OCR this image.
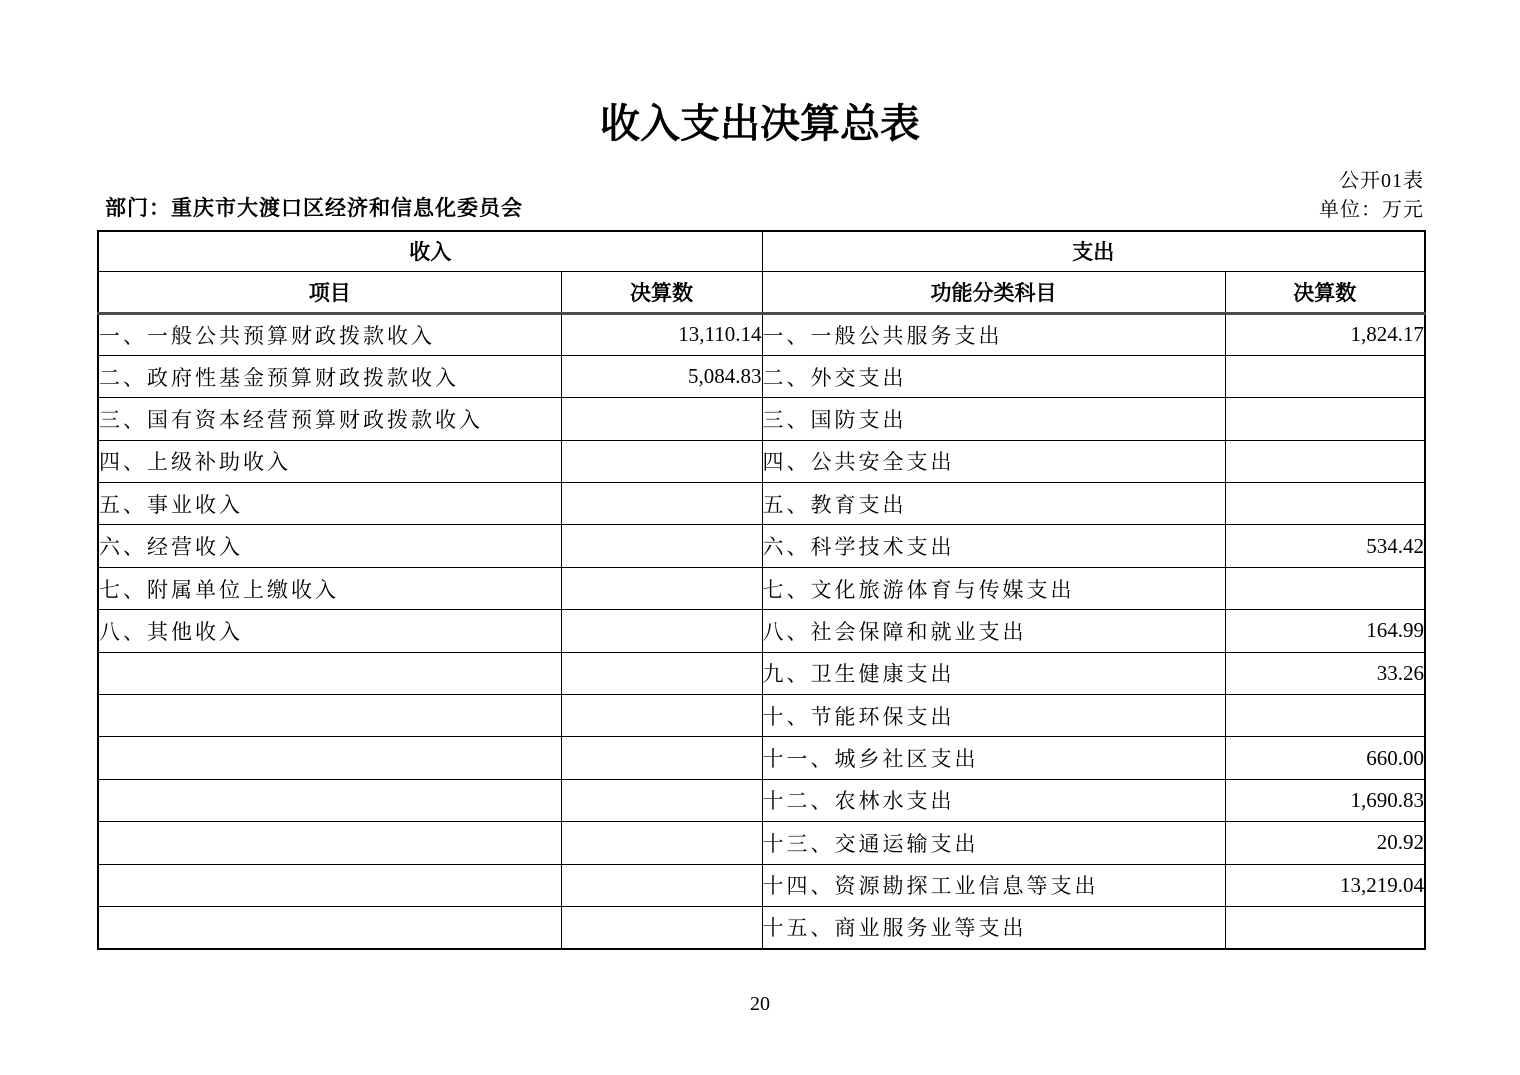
收入支出决算总表
公开01表
部门：重庆市大渡口区经济和信息化委员会	单位：万元
收入		支出	
项目	决算数	功能分类科目	决算数
一、一般公共预算财政拨款收入	13,110.14	一、一般公共服务支出	1,824.17
二、政府性基金预算财政拨款收入	5,084.83	二、外交支出	
三、国有资本经营预算财政拨款收入		三、国防支出	
四、上级补助收入		四、公共安全支出	
五、事业收入		五、教育支出	
六、经营收入		六、科学技术支出	534.42
七、附属单位上缴收入		七、文化旅游体育与传媒支出	
八、其他收入		八、社会保障和就业支出	164.99
		九、卫生健康支出	33.26
		十、节能环保支出	
		十一、城乡社区支出	660.00
		十二、农林水支出	1,690.83
		十三、交通运输支出	20.92
		十四、资源勘探工业信息等支出	13,219.04
		十五、商业服务业等支出	
20
